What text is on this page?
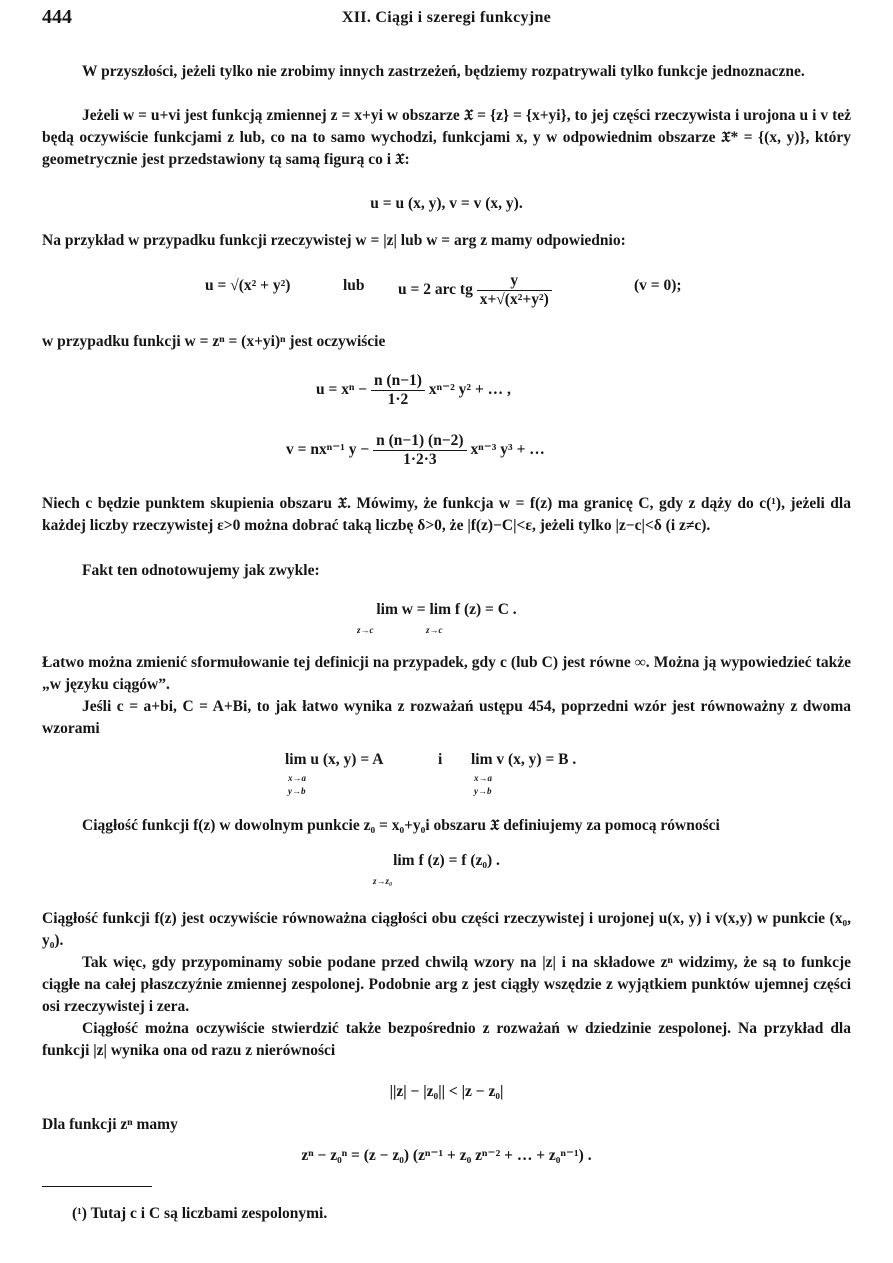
444	XII. Ciągi i szeregi funkcyjne
W przyszłości, jeżeli tylko nie zrobimy innych zastrzeżeń, będziemy rozpatrywali tylko funkcje jednoznaczne.
Jeżeli w = u+vi jest funkcją zmiennej z = x+yi w obszarze 𝔛 = {z} = {x+yi}, to jej części rzeczywista i urojona u i v też będą oczywiście funkcjami z lub, co na to samo wychodzi, funkcjami x, y w odpowiednim obszarze 𝔛* = {(x, y)}, który geometrycznie jest przedstawiony tą samą figurą co i 𝔛:
u = u (x, y), v = v (x, y).
Na przykład w przypadku funkcji rzeczywistej w = |z| lub w = arg z mamy odpowiednio:
u = √(x² + y²)	lub u = 2 arc tg $\frac{y}{\text{x+√(x²+y²)}}$	(v = 0);
w przypadku funkcji w = zⁿ = (x+yi)ⁿ jest oczywiście
$u = x^n - \frac{n (n-1)}{1\cdot 2} x^{n-2}$ y² + … ,
v = nxⁿ⁻¹ $y - \frac{n (n-1) (n-2)}{1\cdot 2\cdot 3} x^{n-3}$ y³ + …
Niech c będzie punktem skupienia obszaru 𝔛. Mówimy, że funkcja w = f(z) ma granicę C, gdy z dąży do c(¹), jeżeli dla każdej liczby rzeczywistej ε>0 można dobrać taką liczbę δ>0, że |f(z)−C|<ε, jeżeli tylko |z−c|<δ (i z≠c).
Fakt ten odnotowujemy jak zwykle:
lim w = lim f (z) = C .
z→c	z→c
Łatwo można zmienić sformułowanie tej definicji na przypadek, gdy c (lub C) jest równe ∞. Można ją wypowiedzieć także „w języku ciągów”.
Jeśli c = a+bi, C = A+Bi, to jak łatwo wynika z rozważań ustępu 454, poprzedni wzór jest równoważny z dwoma wzorami
lim u (x, y) = A	i lim v (x, y) = B .
x→a
y→b
x→a
y→b
Ciągłość funkcji f(z) w dowolnym punkcie z₀ = x₀+y₀i obszaru 𝔛 definiujemy za pomocą równości
lim f (z) = f (z₀) .
z→z₀
Ciągłość funkcji f(z) jest oczywiście równoważna ciągłości obu części rzeczywistej i urojonej u(x, y) i v(x,y) w punkcie (x₀, y₀).
Tak więc, gdy przypominamy sobie podane przed chwilą wzory na |z| i na składowe zⁿ widzimy, że są to funkcje ciągłe na całej płaszczyźnie zmiennej zespolonej. Podobnie arg z jest ciągły wszędzie z wyjątkiem punktów ujemnej części osi rzeczywistej i zera.
Ciągłość można oczywiście stwierdzić także bezpośrednio z rozważań w dziedzinie zespolonej. Na przykład dla funkcji |z| wynika ona od razu z nierówności
||z| − |z₀|| < |z − z₀|
Dla funkcji zⁿ mamy
zⁿ − z₀ⁿ = (z − z₀) (zⁿ⁻¹ + z₀ zⁿ⁻² + … + z₀ⁿ⁻¹) .
(¹) Tutaj c i C są liczbami zespolonymi.
